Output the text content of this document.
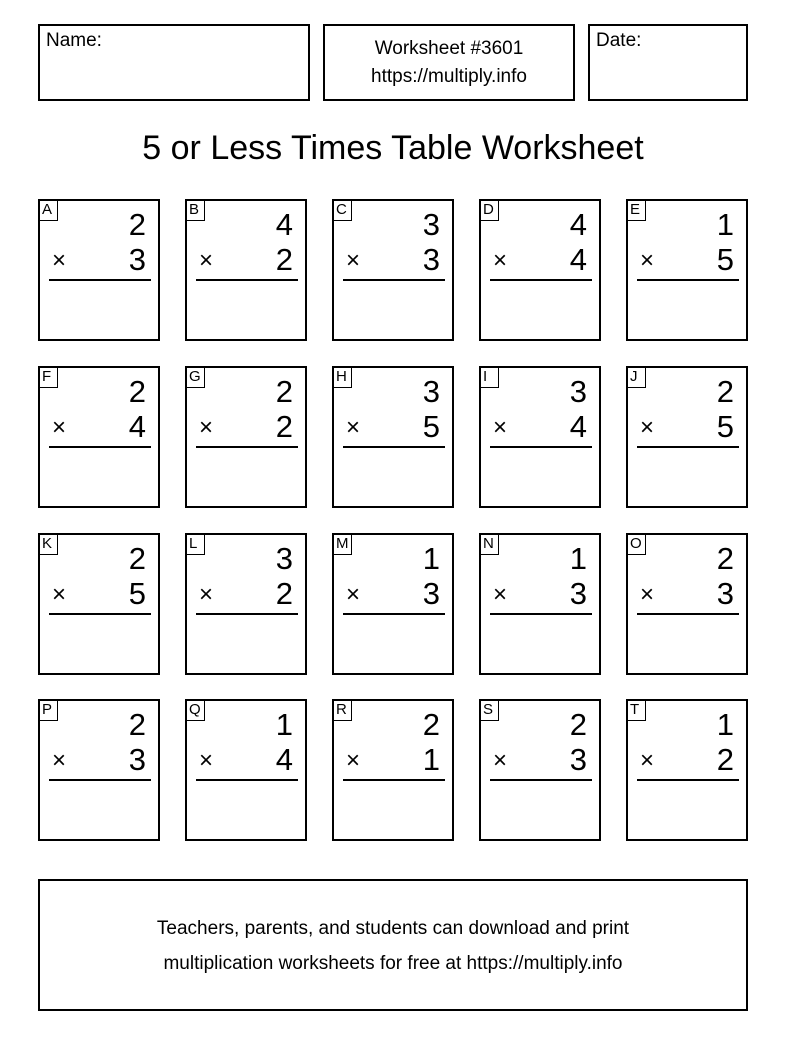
Name:	Worksheet #3601
https://multiply.info
Date:
5 or Less Times Table Worksheet
A 2
× 3
B 4
× 2
C 3
× 3
D 4
× 4
E 1
× 5
F	2
× 4
G 2
× 2
H 3
× 5
I	3
× 4
J	2
× 5
K 2
× 5
L	3
× 2
M 1
× 3
N 1
× 3
O 2
× 3
P 2
× 3
Q 1
× 4
R 2
× 1
S 2
× 3
T	1
× 2
Teachers, parents, and students can download and print
multiplication worksheets for free at https://multiply.info
